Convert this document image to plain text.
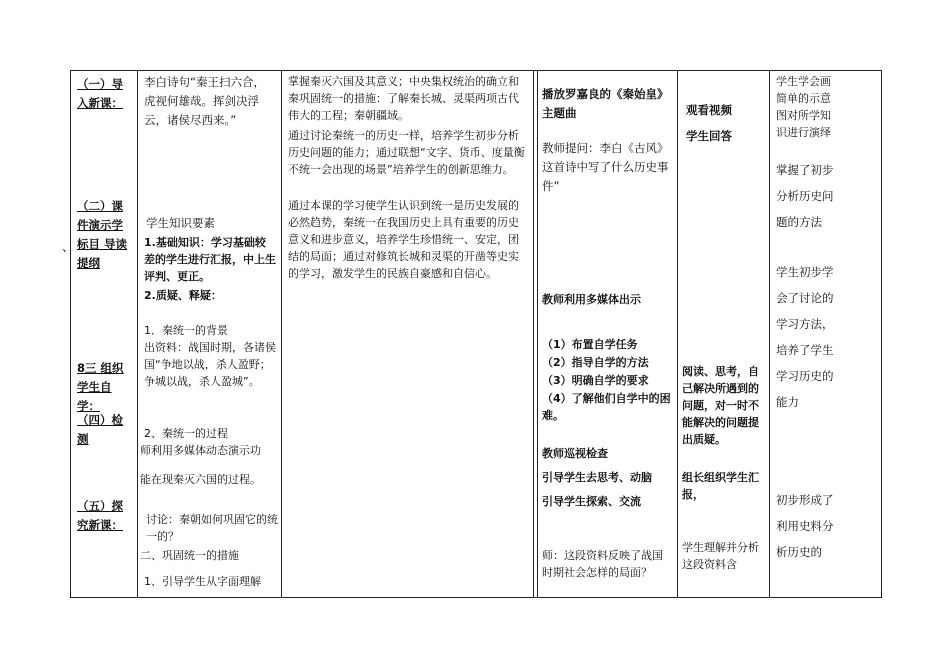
、
（一）导入新课：
（二）课件演示学标目 导读提纲
8三 组织学生自学：
（四）检测
（五）探究新课：
李白诗句“秦王扫六合，虎视何雄哉。挥剑决浮云，诸侯尽西来。”
学生知识要素
1.基础知识：学习基础较差的学生进行汇报，中上生评判、更正。
2.质疑、释疑：
1．秦统一的背景
出资料：战国时期，各诸侯国“争地以战，杀人盈野；争城以战，杀人盈城”。
2、秦统一的过程
师利用多媒体动态演示功
能在现秦灭六国的过程。
讨论：秦朝如何巩固它的统一的？
二、巩固统一的措施
1、引导学生从字面理解
掌握秦灭六国及其意义；中央集权统治的确立和秦巩固统一的措施：了解秦长城、灵渠两项古代伟大的工程；秦朝疆域。
通过讨论秦统一的历史一样，培养学生初步分析历史问题的能力；通过联想“文字、货币、度量衡不统一会出现的场景”培养学生的创新思维力。
通过本课的学习使学生认识到统一是历史发展的必然趋势，秦统一在我国历史上具有重要的历史意义和进步意义，培养学生珍惜统一、安定，团结的局面；通过对修筑长城和灵渠的开凿等史实的学习，激发学生的民族自豪感和自信心。
播放罗嘉良的《秦始皇》主题曲
教师提问：李白《古风》这首诗中写了什么历史事件”
教师利用多媒体出示
（1）布置自学任务
（2）指导自学的方法
（3）明确自学的要求
（4）了解他们自学中的困难。
教师巡视检查
引导学生去思考、动脑
引导学生探索、交流
师：这段资料反映了战国时期社会怎样的局面？
观看视频
学生回答
阅读、思考，自己解决所遇到的问题，对一时不能解决的问题提出质疑。
组长组织学生汇报，
学生理解并分析这段资料含
学生学会画简单的示意图对所学知识进行演绎
掌握了初步分析历史问题的方法
学生初步学会了讨论的学习方法，培养了学生学习历史的能力
初步形成了利用史料分析历史的
